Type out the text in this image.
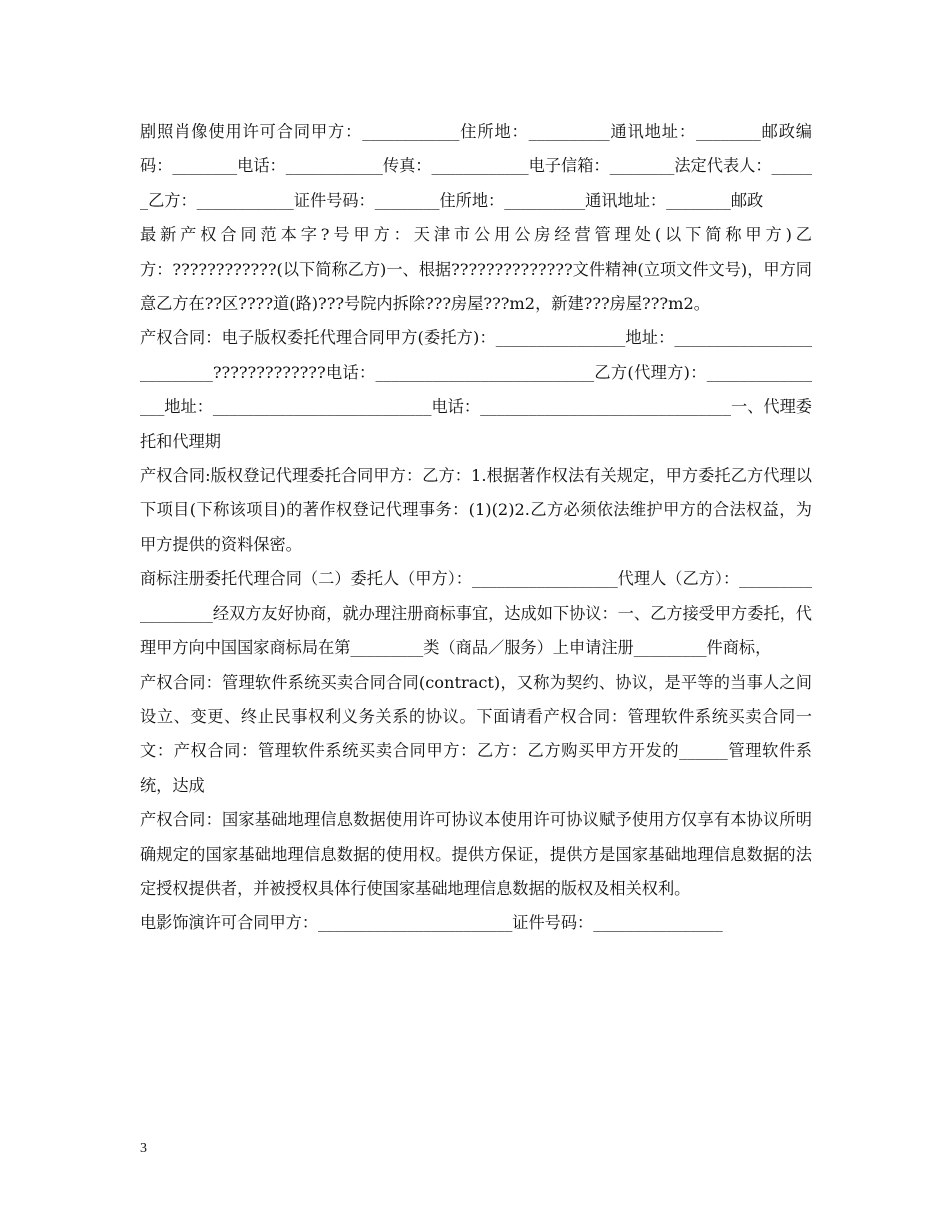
剧照肖像使用许可合同甲方：____________住所地：__________通讯地址：________邮政编码：________电话：____________传真：____________电子信箱：________法定代表人：______乙方：____________证件号码：________住所地：__________通讯地址：________邮政

最新产权合同范本字?号甲方：天津市公用公房经营管理处(以下简称甲方)乙方：????????????(以下简称乙方)一、根据??????????????文件精神(立项文件文号)，甲方同意乙方在??区????道(路)???号院内拆除???房屋???m2，新建???房屋???m2。

产权合同：电子版权委托代理合同甲方(委托方)：________________地址：__________________________?????????????电话：___________________________乙方(代理方)：________________地址：___________________________电话：_______________________________一、代理委托和代理期

产权合同:版权登记代理委托合同甲方：乙方：1.根据著作权法有关规定，甲方委托乙方代理以下项目(下称该项目)的著作权登记代理事务：(1)(2)2.乙方必须依法维护甲方的合法权益，为甲方提供的资料保密。

商标注册委托代理合同（二）委托人（甲方）：__________________代理人（乙方）：__________________经双方友好协商，就办理注册商标事宜，达成如下协议：一、乙方接受甲方委托，代理甲方向中国国家商标局在第_________类（商品／服务）上申请注册_________件商标，

产权合同：管理软件系统买卖合同合同(contract)，又称为契约、协议，是平等的当事人之间设立、变更、终止民事权利义务关系的协议。下面请看产权合同：管理软件系统买卖合同一文：产权合同：管理软件系统买卖合同甲方：乙方：乙方购买甲方开发的______管理软件系统，达成

产权合同：国家基础地理信息数据使用许可协议本使用许可协议赋予使用方仅享有本协议所明确规定的国家基础地理信息数据的使用权。提供方保证，提供方是国家基础地理信息数据的法定授权提供者，并被授权具体行使国家基础地理信息数据的版权及相关权利。

电影饰演许可合同甲方：________________________证件号码：________________

3
